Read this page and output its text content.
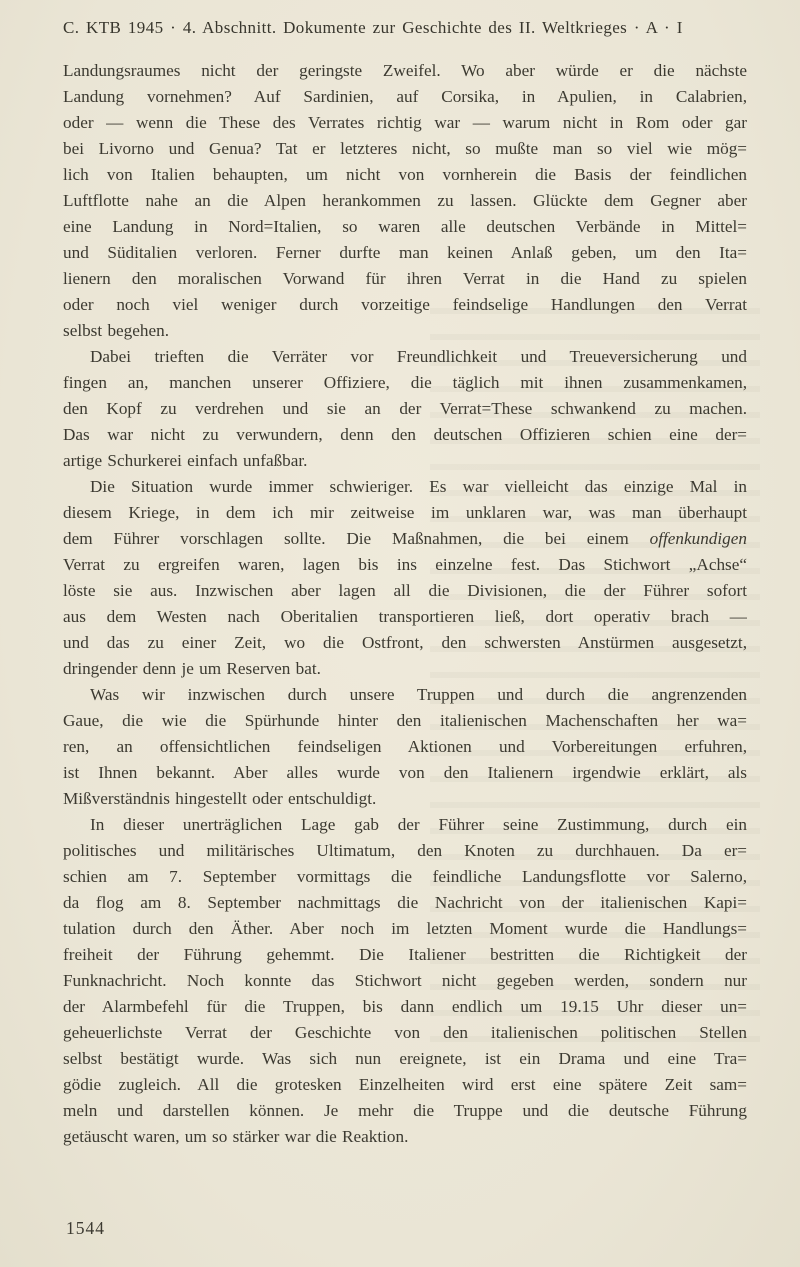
C. KTB 1945 · 4. Abschnitt. Dokumente zur Geschichte des II. Weltkrieges · A · I
Landungsraumes nicht der geringste Zweifel. Wo aber würde er die nächste
Landung vornehmen? Auf Sardinien, auf Corsika, in Apulien, in Calabrien,
oder — wenn die These des Verrates richtig war — warum nicht in Rom oder gar
bei Livorno und Genua? Tat er letzteres nicht, so mußte man so viel wie mög=
lich von Italien behaupten, um nicht von vornherein die Basis der feindlichen
Luftflotte nahe an die Alpen herankommen zu lassen. Glückte dem Gegner aber
eine Landung in Nord=Italien, so waren alle deutschen Verbände in Mittel=
und Süditalien verloren. Ferner durfte man keinen Anlaß geben, um den Ita=
lienern den moralischen Vorwand für ihren Verrat in die Hand zu spielen
oder noch viel weniger durch vorzeitige feindselige Handlungen den Verrat
selbst begehen.
Dabei trieften die Verräter vor Freundlichkeit und Treueversicherung und
fingen an, manchen unserer Offiziere, die täglich mit ihnen zusammenkamen,
den Kopf zu verdrehen und sie an der Verrat=These schwankend zu machen.
Das war nicht zu verwundern, denn den deutschen Offizieren schien eine der=
artige Schurkerei einfach unfaßbar.
Die Situation wurde immer schwieriger. Es war vielleicht das einzige Mal in
diesem Kriege, in dem ich mir zeitweise im unklaren war, was man überhaupt
dem Führer vorschlagen sollte. Die Maßnahmen, die bei einem offenkundigen
Verrat zu ergreifen waren, lagen bis ins einzelne fest. Das Stichwort „Achse“
löste sie aus. Inzwischen aber lagen all die Divisionen, die der Führer sofort
aus dem Westen nach Oberitalien transportieren ließ, dort operativ brach —
und das zu einer Zeit, wo die Ostfront, den schwersten Anstürmen ausgesetzt,
dringender denn je um Reserven bat.
Was wir inzwischen durch unsere Truppen und durch die angrenzenden
Gaue, die wie die Spürhunde hinter den italienischen Machenschaften her wa=
ren, an offensichtlichen feindseligen Aktionen und Vorbereitungen erfuhren,
ist Ihnen bekannt. Aber alles wurde von den Italienern irgendwie erklärt, als
Mißverständnis hingestellt oder entschuldigt.
In dieser unerträglichen Lage gab der Führer seine Zustimmung, durch ein
politisches und militärisches Ultimatum, den Knoten zu durchhauen. Da er=
schien am 7. September vormittags die feindliche Landungsflotte vor Salerno,
da flog am 8. September nachmittags die Nachricht von der italienischen Kapi=
tulation durch den Äther. Aber noch im letzten Moment wurde die Handlungs=
freiheit der Führung gehemmt. Die Italiener bestritten die Richtigkeit der
Funknachricht. Noch konnte das Stichwort nicht gegeben werden, sondern nur
der Alarmbefehl für die Truppen, bis dann endlich um 19.15 Uhr dieser un=
geheuerlichste Verrat der Geschichte von den italienischen politischen Stellen
selbst bestätigt wurde. Was sich nun ereignete, ist ein Drama und eine Tra=
gödie zugleich. All die grotesken Einzelheiten wird erst eine spätere Zeit sam=
meln und darstellen können. Je mehr die Truppe und die deutsche Führung
getäuscht waren, um so stärker war die Reaktion.
1544
